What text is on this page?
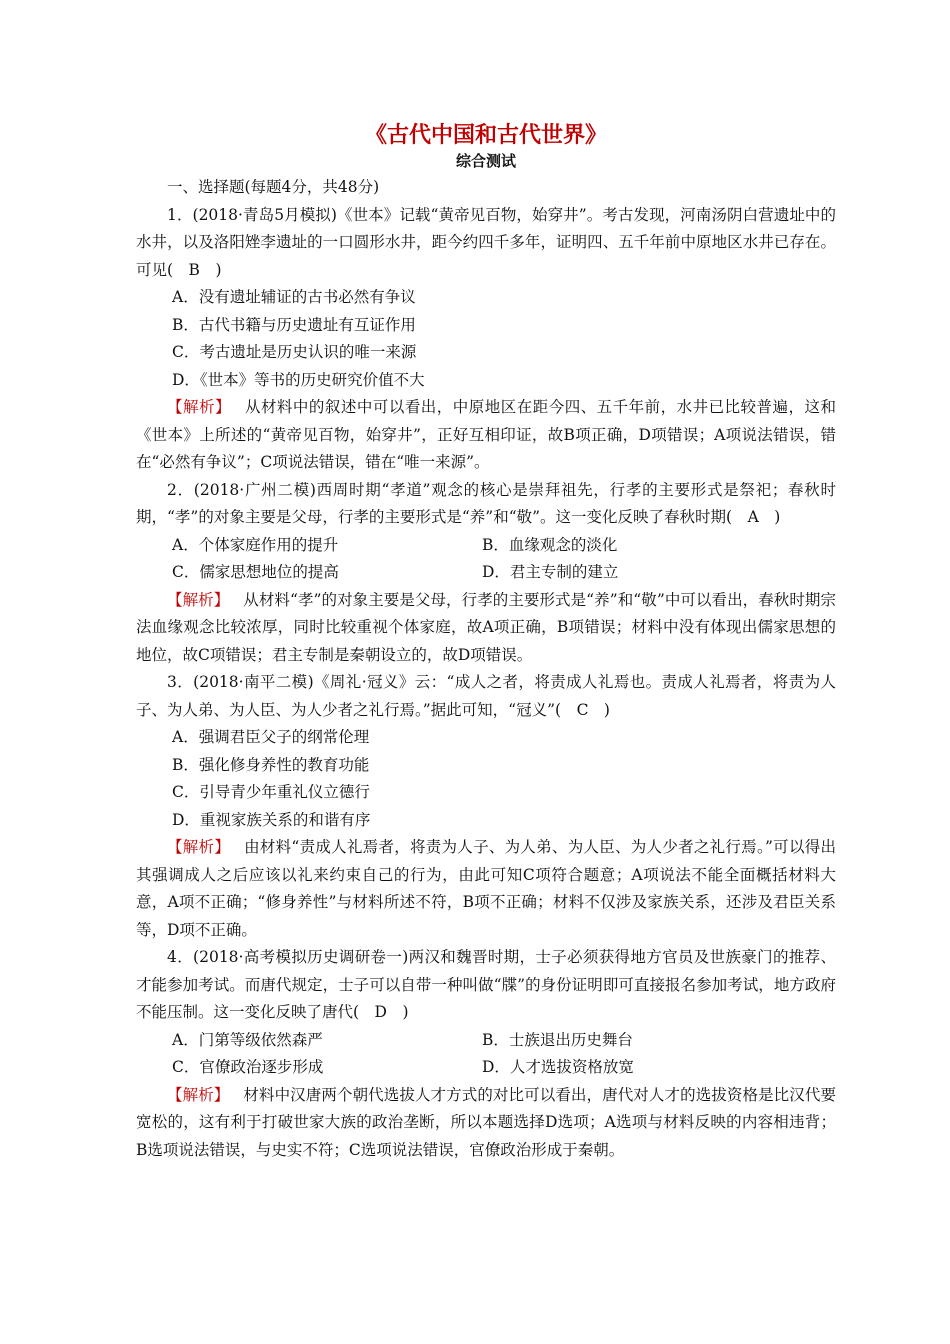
《古代中国和古代世界》
综合测试

一、选择题(每题4分，共48分)

1．(2018·青岛5月模拟)《世本》记载“黄帝见百物，始穿井”。考古发现，河南汤阴白营遗址中的水井，以及洛阳矬李遗址的一口圆形水井，距今约四千多年，证明四、五千年前中原地区水井已存在。可见(　B　)

A．没有遗址辅证的古书必然有争议

B．古代书籍与历史遗址有互证作用

C．考古遗址是历史认识的唯一来源

D．《世本》等书的历史研究价值不大

【解析】 从材料中的叙述中可以看出，中原地区在距今四、五千年前，水井已比较普遍，这和《世本》上所述的“黄帝见百物，始穿井”，正好互相印证，故B项正确，D项错误；A项说法错误，错在“必然有争议”；C项说法错误，错在“唯一来源”。

2．(2018·广州二模)西周时期“孝道”观念的核心是崇拜祖先，行孝的主要形式是祭祀；春秋时期，“孝”的对象主要是父母，行孝的主要形式是“养”和“敬”。这一变化反映了春秋时期(　A　)

A．个体家庭作用的提升	B．血缘观念的淡化
C．儒家思想地位的提高	D．君主专制的建立

【解析】 从材料“孝”的对象主要是父母，行孝的主要形式是“养”和“敬”中可以看出，春秋时期宗法血缘观念比较浓厚，同时比较重视个体家庭，故A项正确，B项错误；材料中没有体现出儒家思想的地位，故C项错误；君主专制是秦朝设立的，故D项错误。

3．(2018·南平二模)《周礼·冠义》云：“成人之者，将责成人礼焉也。责成人礼焉者，将责为人子、为人弟、为人臣、为人少者之礼行焉。”据此可知，“冠义”(　C　)

A．强调君臣父子的纲常伦理

B．强化修身养性的教育功能

C．引导青少年重礼仪立德行

D．重视家族关系的和谐有序

【解析】 由材料“责成人礼焉者，将责为人子、为人弟、为人臣、为人少者之礼行焉。”可以得出其强调成人之后应该以礼来约束自己的行为，由此可知C项符合题意；A项说法不能全面概括材料大意，A项不正确；“修身养性”与材料所述不符，B项不正确；材料不仅涉及家族关系，还涉及君臣关系等，D项不正确。

4．(2018·高考模拟历史调研卷一)两汉和魏晋时期，士子必须获得地方官员及世族豪门的推荐、才能参加考试。而唐代规定，士子可以自带一种叫做“牒”的身份证明即可直接报名参加考试，地方政府不能压制。这一变化反映了唐代(　D　)

A．门第等级依然森严	B．士族退出历史舞台
C．官僚政治逐步形成	D．人才选拔资格放宽

【解析】 材料中汉唐两个朝代选拔人才方式的对比可以看出，唐代对人才的选拔资格是比汉代要宽松的，这有利于打破世家大族的政治垄断，所以本题选择D选项；A选项与材料反映的内容相违背；B选项说法错误，与史实不符；C选项说法错误，官僚政治形成于秦朝。
